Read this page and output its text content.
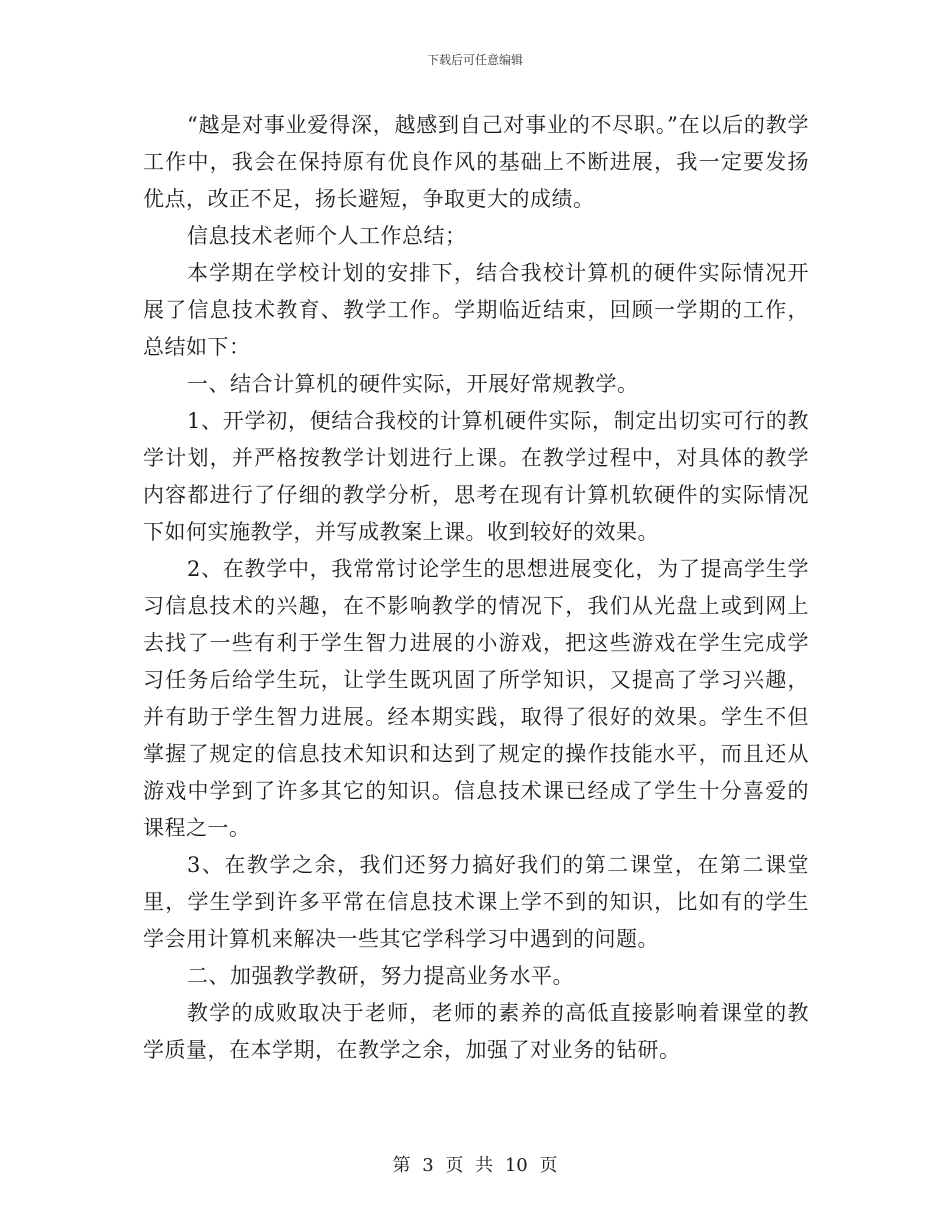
下载后可任意编辑

“越是对事业爱得深，越感到自己对事业的不尽职。”在以后的教学工作中，我会在保持原有优良作风的基础上不断进展，我一定要发扬优点，改正不足，扬长避短，争取更大的成绩。

信息技术老师个人工作总结；

本学期在学校计划的安排下，结合我校计算机的硬件实际情况开展了信息技术教育、教学工作。学期临近结束，回顾一学期的工作，总结如下：

一、结合计算机的硬件实际，开展好常规教学。

1、开学初，便结合我校的计算机硬件实际，制定出切实可行的教学计划，并严格按教学计划进行上课。在教学过程中，对具体的教学内容都进行了仔细的教学分析，思考在现有计算机软硬件的实际情况下如何实施教学，并写成教案上课。收到较好的效果。

2、在教学中，我常常讨论学生的思想进展变化，为了提高学生学习信息技术的兴趣，在不影响教学的情况下，我们从光盘上或到网上去找了一些有利于学生智力进展的小游戏，把这些游戏在学生完成学习任务后给学生玩，让学生既巩固了所学知识，又提高了学习兴趣，并有助于学生智力进展。经本期实践，取得了很好的效果。学生不但掌握了规定的信息技术知识和达到了规定的操作技能水平，而且还从游戏中学到了许多其它的知识。信息技术课已经成了学生十分喜爱的课程之一。

3、在教学之余，我们还努力搞好我们的第二课堂，在第二课堂里，学生学到许多平常在信息技术课上学不到的知识，比如有的学生学会用计算机来解决一些其它学科学习中遇到的问题。

二、加强教学教研，努力提高业务水平。

教学的成败取决于老师，老师的素养的高低直接影响着课堂的教学质量，在本学期，在教学之余，加强了对业务的钻研。

第 3 页 共 10 页
